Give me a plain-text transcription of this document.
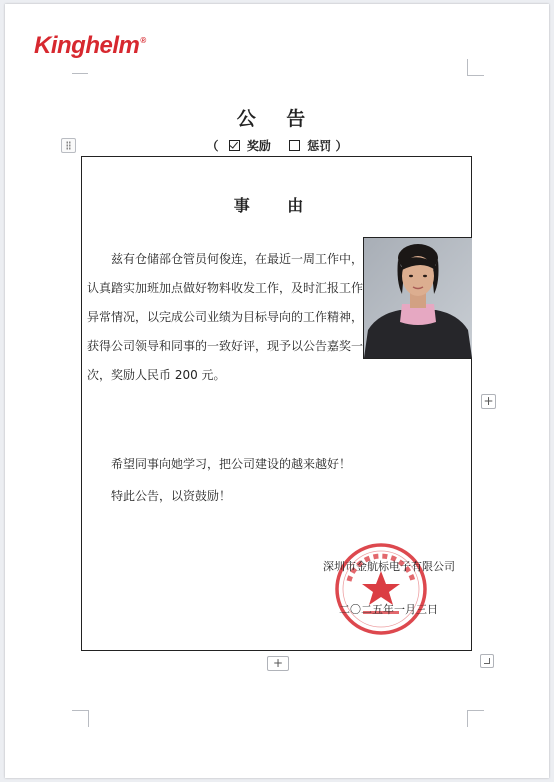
Kinghelm®
公 告
（ 奖励	惩罚 ）
事 由
兹有仓储部仓管员何俊连，在最近一周工作中，认真踏实加班加点做好物料收发工作，及时汇报工作异常情况，以完成公司业绩为目标导向的工作精神，获得公司领导和同事的一致好评，现予以公告嘉奖一次，奖励人民币 200 元。
希望同事向她学习，把公司建设的越来越好！
特此公告，以资鼓励！
深圳市金航标电子有限公司
二〇二五年一月三日
+
+
